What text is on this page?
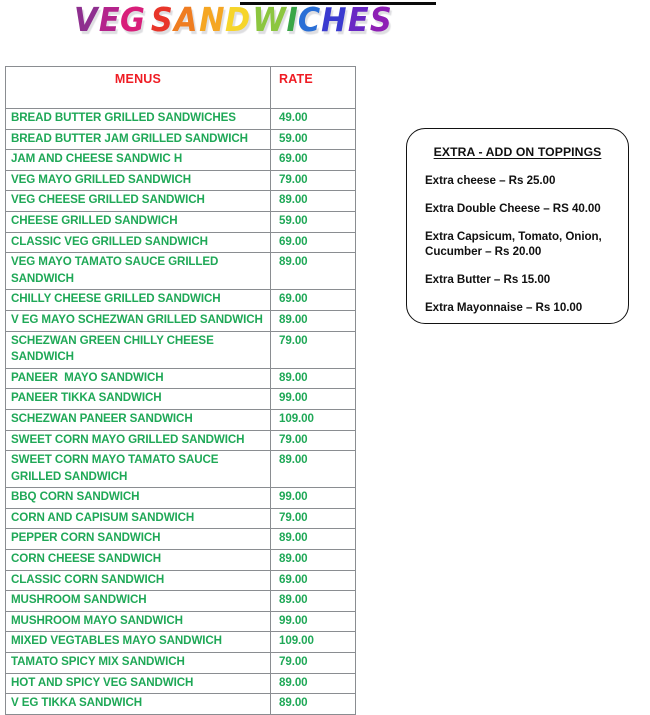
V E G S A N D W I C H E S
MENUS	RATE
BREAD BUTTER GRILLED SANDWICHES	49.00
BREAD BUTTER JAM GRILLED SANDWICH	59.00
JAM AND CHEESE SANDWIC H	69.00
VEG MAYO GRILLED SANDWICH	79.00
VEG CHEESE GRILLED SANDWICH	89.00
CHEESE GRILLED SANDWICH	59.00
CLASSIC VEG GRILLED SANDWICH	69.00
VEG MAYO TAMATO SAUCE GRILLED SANDWICH	89.00
CHILLY CHEESE GRILLED SANDWICH	69.00
V EG MAYO SCHEZWAN GRILLED SANDWICH	89.00
SCHEZWAN GREEN CHILLY CHEESE SANDWICH	79.00
PANEER  MAYO SANDWICH	89.00
PANEER TIKKA SANDWICH	99.00
SCHEZWAN PANEER SANDWICH	109.00
SWEET CORN MAYO GRILLED SANDWICH	79.00
SWEET CORN MAYO TAMATO SAUCE GRILLED SANDWICH	89.00
BBQ CORN SANDWICH	99.00
CORN AND CAPISUM SANDWICH	79.00
PEPPER CORN SANDWICH	89.00
CORN CHEESE SANDWICH	89.00
CLASSIC CORN SANDWICH	69.00
MUSHROOM SANDWICH	89.00
MUSHROOM MAYO SANDWICH	99.00
MIXED VEGTABLES MAYO SANDWICH	109.00
TAMATO SPICY MIX SANDWICH	79.00
HOT AND SPICY VEG SANDWICH	89.00
V EG TIKKA SANDWICH	89.00
EXTRA - ADD ON TOPPINGS
Extra cheese – Rs 25.00
Extra Double Cheese – RS 40.00
Extra Capsicum, Tomato, Onion, Cucumber – Rs 20.00
Extra Butter – Rs 15.00
Extra Mayonnaise – Rs 10.00
